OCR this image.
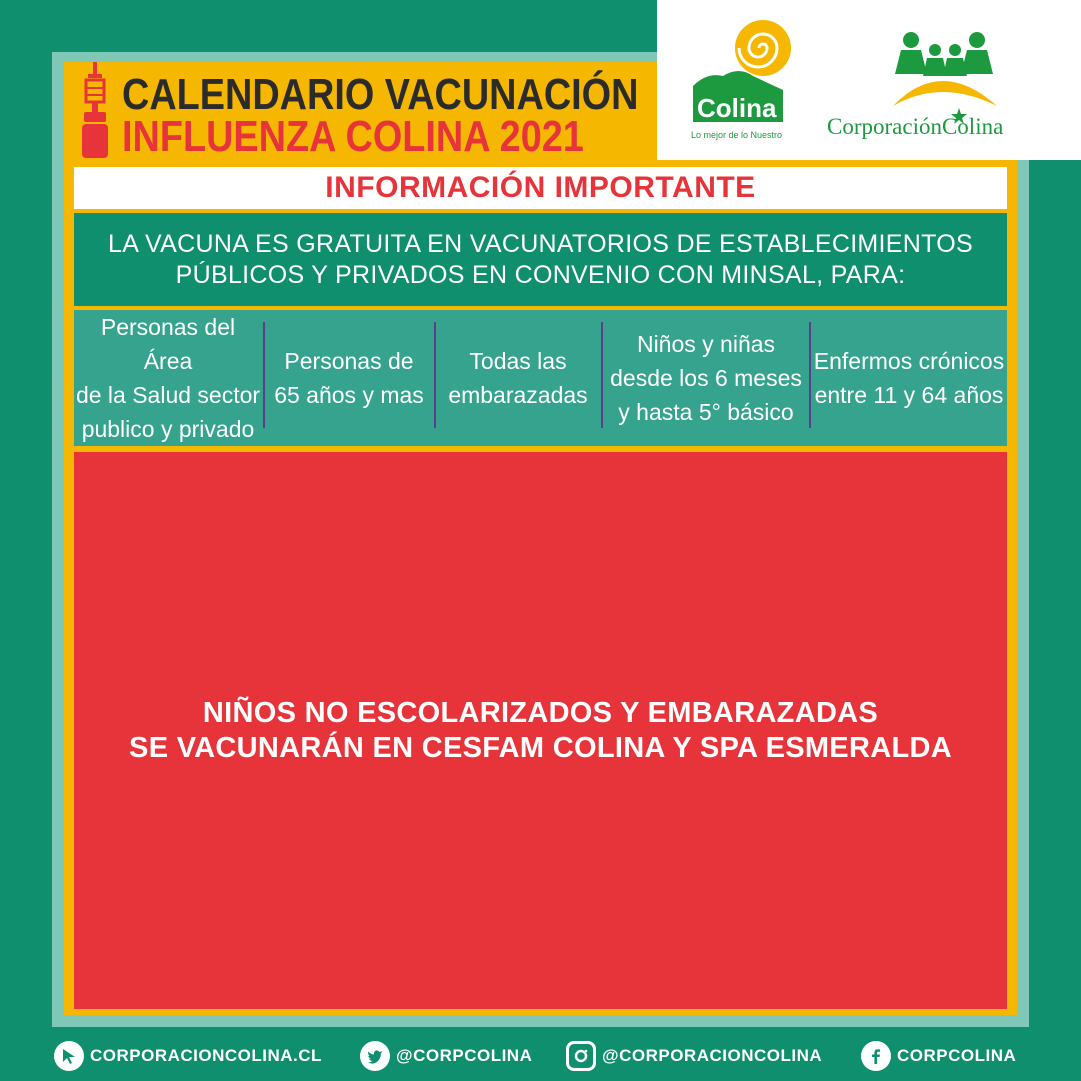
CALENDARIO VACUNACIÓN
INFLUENZA COLINA 2021
Colina
Lo mejor de lo Nuestro CorporaciónColina
INFORMACIÓN IMPORTANTE

LA VACUNA ES GRATUITA EN VACUNATORIOS DE ESTABLECIMIENTOS
PÚBLICOS Y PRIVADOS EN CONVENIO CON MINSAL, PARA:

Personas del Área
de la Salud sector
publico y privado
Personas de
65 años y mas
Todas las
embarazadas
Niños y niñas
desde los 6 meses
y hasta 5° básico
Enfermos crónicos
entre 11 y 64 años

NIÑOS NO ESCOLARIZADOS Y EMBARAZADAS
SE VACUNARÁN EN CESFAM COLINA Y SPA ESMERALDA

CORPORACIONCOLINA.CL	@CORPCOLINA	@CORPORACIONCOLINA	CORPCOLINA
